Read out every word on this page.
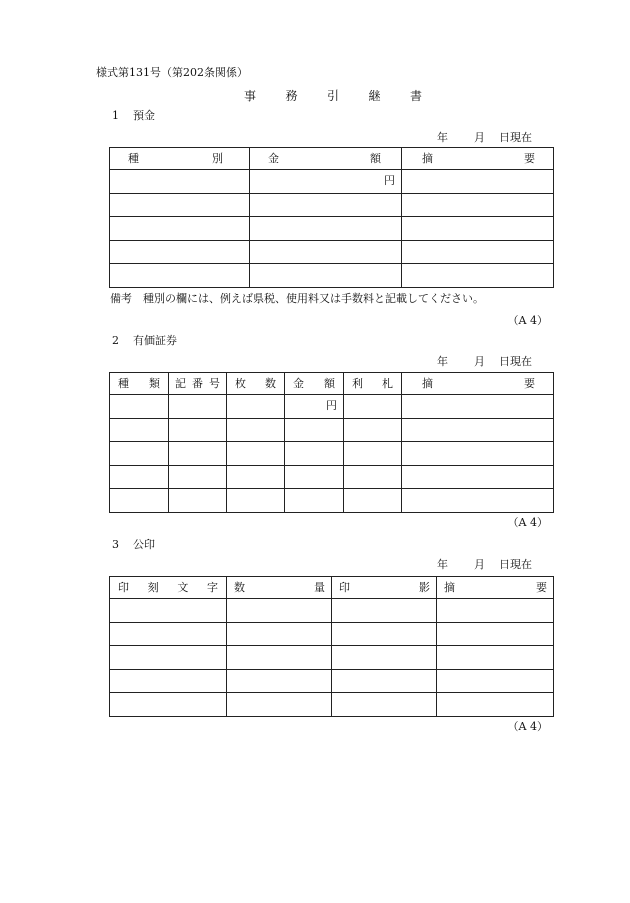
様式第131号（第202条関係）
事 務 引 継 書
1 預金
年 月 日現在
種 別	金 額	摘 要

	円	

備考　種別の欄には、例えば県税、使用料又は手数料と記載してください。
（A 4）
2 有価証券
年 月 日現在
種 類	記 番 号	枚 数	金 額	利 札	摘 要

			円		

（A 4）
3 公印
年 月 日現在
印 刻 文 字	数 量	印 影	摘 要

（A 4）
